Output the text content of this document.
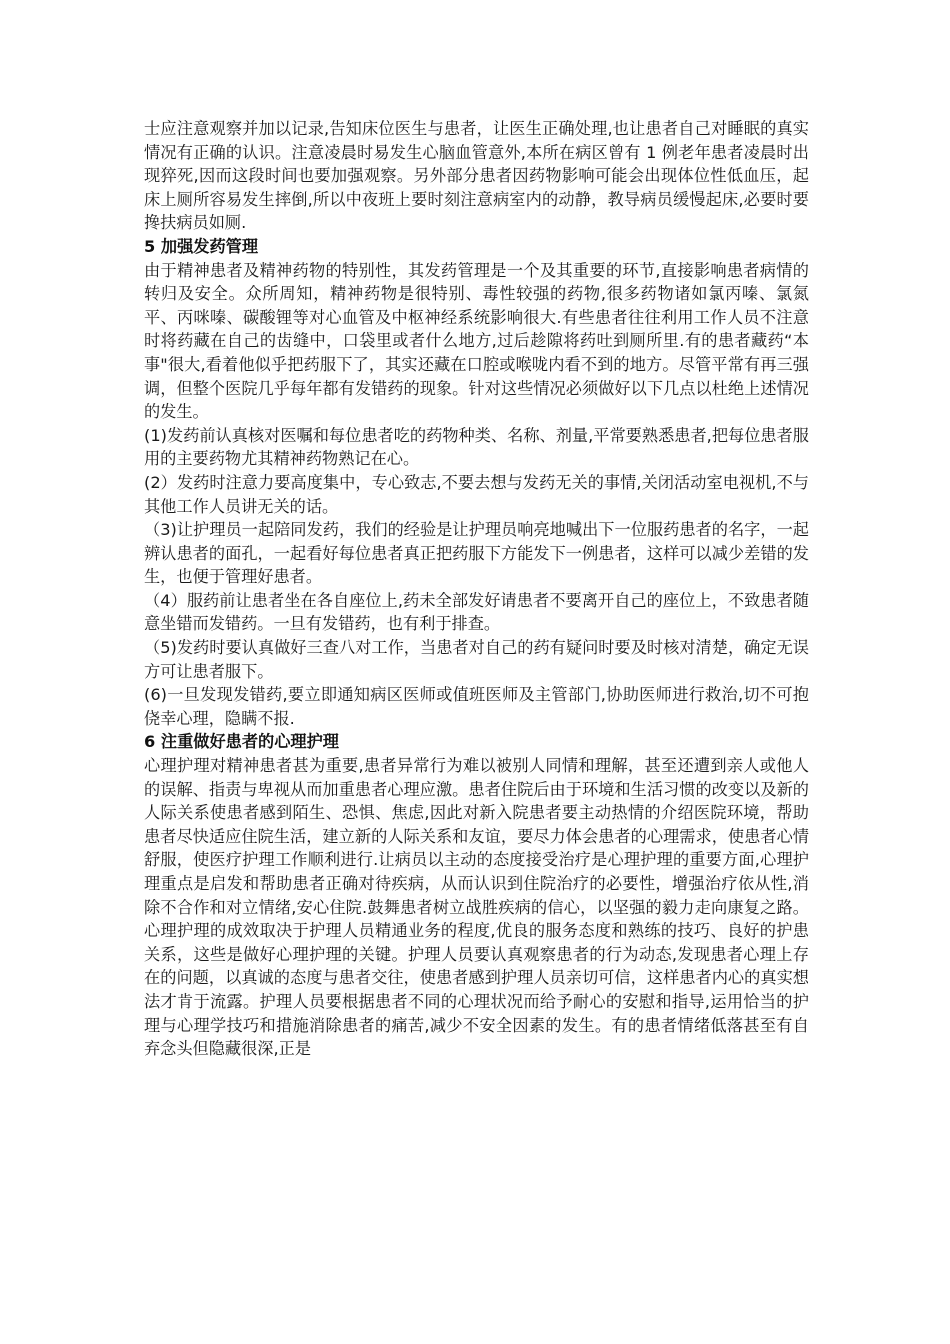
士应注意观察并加以记录,告知床位医生与患者，让医生正确处理,也让患者自己对睡眠的真实情况有正确的认识。注意凌晨时易发生心脑血管意外,本所在病区曾有 1 例老年患者凌晨时出现猝死,因而这段时间也要加强观察。另外部分患者因药物影响可能会出现体位性低血压，起床上厕所容易发生摔倒,所以中夜班上要时刻注意病室内的动静，教导病员缓慢起床,必要时要搀扶病员如厕.

5 加强发药管理

由于精神患者及精神药物的特别性，其发药管理是一个及其重要的环节,直接影响患者病情的转归及安全。众所周知，精神药物是很特别、毒性较强的药物,很多药物诸如氯丙嗪、氯氮平、丙咪嗪、碳酸锂等对心血管及中枢神经系统影响很大.有些患者往往利用工作人员不注意时将药藏在自己的齿缝中，口袋里或者什么地方,过后趁隙将药吐到厕所里.有的患者藏药“本事"很大,看着他似乎把药服下了，其实还藏在口腔或喉咙内看不到的地方。尽管平常有再三强调，但整个医院几乎每年都有发错药的现象。针对这些情况必须做好以下几点以杜绝上述情况的发生。

(1)发药前认真核对医嘱和每位患者吃的药物种类、名称、剂量,平常要熟悉患者,把每位患者服用的主要药物尤其精神药物熟记在心。

(2）发药时注意力要高度集中，专心致志,不要去想与发药无关的事情,关闭活动室电视机,不与其他工作人员讲无关的话。

（3)让护理员一起陪同发药，我们的经验是让护理员响亮地喊出下一位服药患者的名字，一起辨认患者的面孔，一起看好每位患者真正把药服下方能发下一例患者，这样可以减少差错的发生，也便于管理好患者。

（4）服药前让患者坐在各自座位上,药未全部发好请患者不要离开自己的座位上，不致患者随意坐错而发错药。一旦有发错药，也有利于排查。

（5)发药时要认真做好三查八对工作，当患者对自己的药有疑问时要及时核对清楚，确定无误方可让患者服下。

(6)一旦发现发错药,要立即通知病区医师或值班医师及主管部门,协助医师进行救治,切不可抱侥幸心理，隐瞒不报.

6 注重做好患者的心理护理

心理护理对精神患者甚为重要,患者异常行为难以被别人同情和理解，甚至还遭到亲人或他人的误解、指责与卑视从而加重患者心理应激。患者住院后由于环境和生活习惯的改变以及新的人际关系使患者感到陌生、恐惧、焦虑,因此对新入院患者要主动热情的介绍医院环境，帮助患者尽快适应住院生活，建立新的人际关系和友谊，要尽力体会患者的心理需求，使患者心情舒服，使医疗护理工作顺利进行.让病员以主动的态度接受治疗是心理护理的重要方面,心理护理重点是启发和帮助患者正确对待疾病，从而认识到住院治疗的必要性，增强治疗依从性,消除不合作和对立情绪,安心住院.鼓舞患者树立战胜疾病的信心，以坚强的毅力走向康复之路。心理护理的成效取决于护理人员精通业务的程度,优良的服务态度和熟练的技巧、良好的护患关系，这些是做好心理护理的关键。护理人员要认真观察患者的行为动态,发现患者心理上存在的问题，以真诚的态度与患者交往，使患者感到护理人员亲切可信，这样患者内心的真实想法才肯于流露。护理人员要根据患者不同的心理状况而给予耐心的安慰和指导,运用恰当的护理与心理学技巧和措施消除患者的痛苦,减少不安全因素的发生。有的患者情绪低落甚至有自弃念头但隐藏很深,正是
